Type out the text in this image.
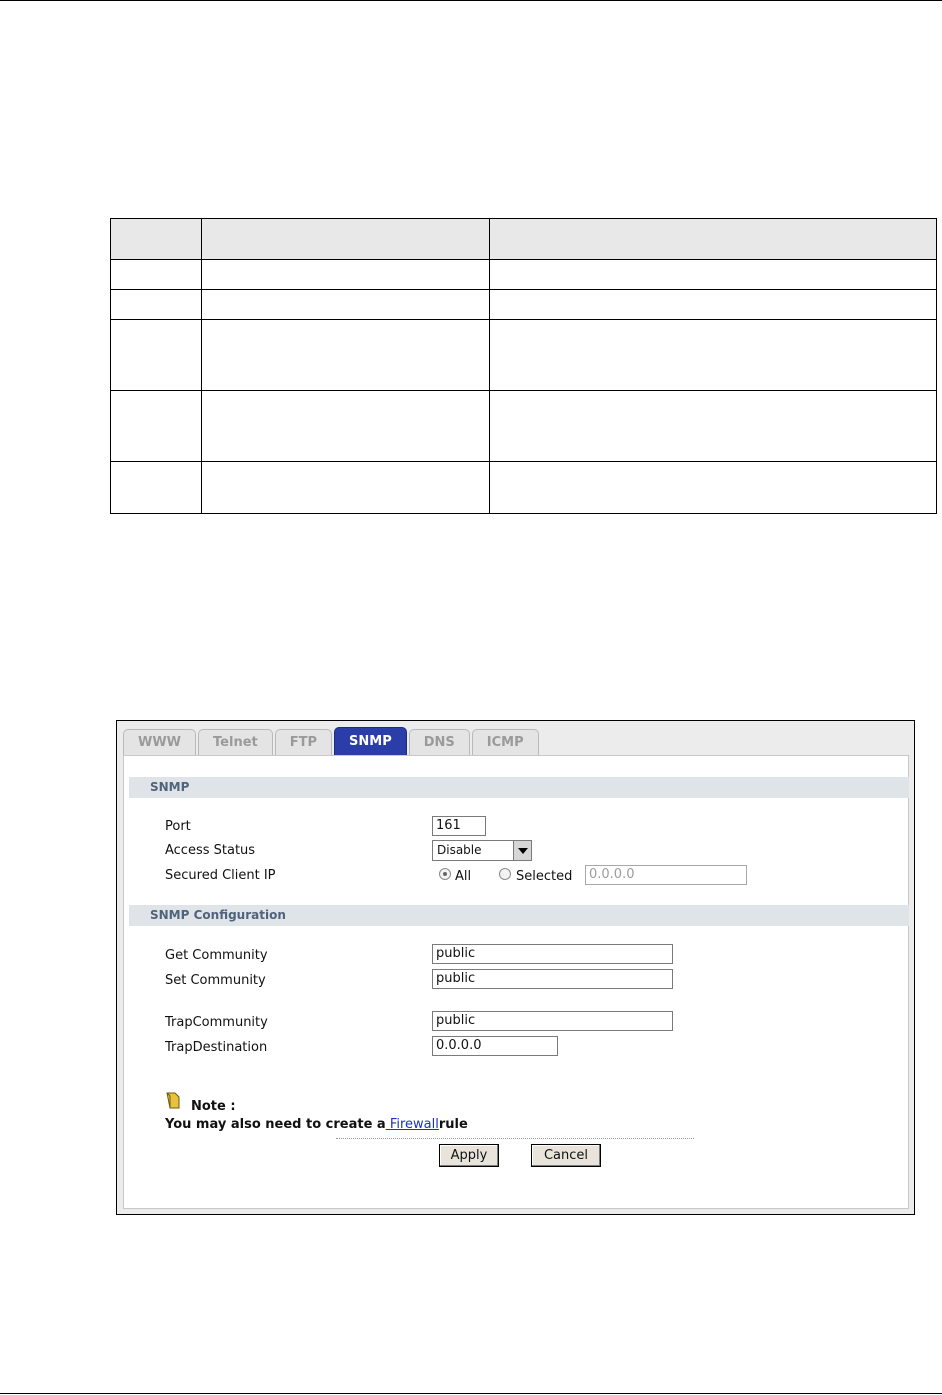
WWW	Telnet	FTP	SNMP	DNS	ICMP
SNMP
Port	161
Access Status	Disable
Secured Client IP	All	Selected	0.0.0.0
SNMP Configuration
Get Community	public
Set Community	public
TrapCommunity	public
TrapDestination	0.0.0.0
Note :
You may also need to create a Firewallrule
Apply	Cancel
